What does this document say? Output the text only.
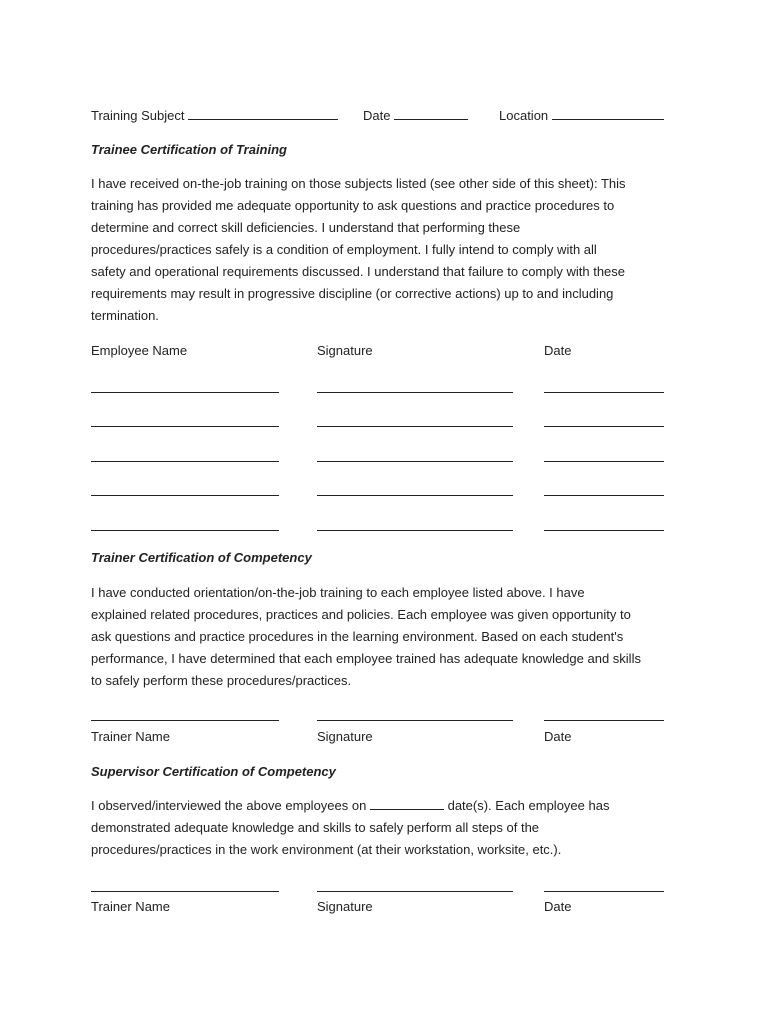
Training Subject	Date	Location
Trainee Certification of Training
I have received on-the-job training on those subjects listed (see other side of this sheet): This
training has provided me adequate opportunity to ask questions and practice procedures to
determine and correct skill deficiencies. I understand that performing these
procedures/practices safely is a condition of employment. I fully intend to comply with all
safety and operational requirements discussed. I understand that failure to comply with these
requirements may result in progressive discipline (or corrective actions) up to and including
termination.
Employee Name	Signature	Date
Trainer Certification of Competency
I have conducted orientation/on-the-job training to each employee listed above. I have
explained related procedures, practices and policies. Each employee was given opportunity to
ask questions and practice procedures in the learning environment. Based on each student's
performance, I have determined that each employee trained has adequate knowledge and skills
to safely perform these procedures/practices.
Trainer Name	Signature	Date
Supervisor Certification of Competency
I observed/interviewed the above employees on	date(s). Each employee has
demonstrated adequate knowledge and skills to safely perform all steps of the
procedures/practices in the work environment (at their workstation, worksite, etc.).
Trainer Name	Signature	Date
